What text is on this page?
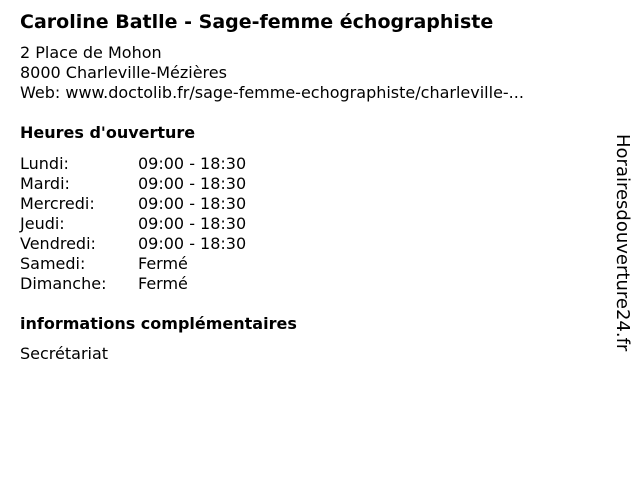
Caroline Batlle - Sage-femme échographiste
2 Place de Mohon
8000 Charleville-Mézières
Web: www.doctolib.fr/sage-femme-echographiste/charleville-...
Heures d'ouverture
Lundi:	09:00 - 18:30
Mardi:	09:00 - 18:30
Mercredi:	09:00 - 18:30
Jeudi:	09:00 - 18:30
Vendredi:	09:00 - 18:30
Samedi:	Fermé
Dimanche: Fermé
informations complémentaires
Secrétariat
Horairesdouverture24.fr
